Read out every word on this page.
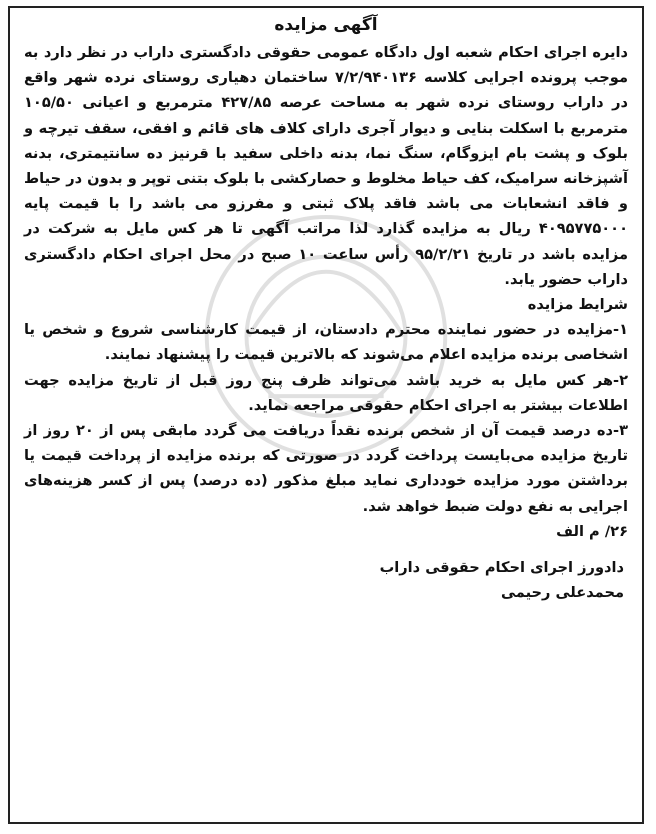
آگهی مزایده

دایره اجرای احکام شعبه اول دادگاه عمومی حقوقی دادگستری داراب در نظر دارد به موجب پرونده اجرایی کلاسه ۷/۲/۹۴۰۱۳۶ ساختمان دهیاری روستای نرده شهر واقع در داراب روستای نرده شهر به مساحت عرصه ۴۲۷/۸۵ مترمربع و اعیانی ۱۰۵/۵۰ مترمربع با اسکلت بنایی و دیوار آجری دارای کلاف های قائم و افقی، سقف تیرچه و بلوک و پشت بام ایزوگام، سنگ نما، بدنه داخلی سفید با قرنیز ده سانتیمتری، بدنه آشپزخانه سرامیک، کف حیاط مخلوط و حصارکشی با بلوک بتنی توپر و بدون در حیاط و فاقد انشعابات می باشد فاقد پلاک ثبتی و مفرزو می باشد را با قیمت پایه ۴۰۹۵۷۷۵۰۰۰ ریال به مزایده گذارد لذا مراتب آگهی تا هر کس مایل به شرکت در مزایده باشد در تاریخ ۹۵/۲/۲۱ رأس ساعت ۱۰ صبح در محل اجرای احکام دادگستری داراب حضور یابد.

شرایط مزایده

۱-مزایده در حضور نماینده محترم دادستان، از قیمت کارشناسی شروع و شخص یا اشخاصی برنده مزایده اعلام می‌شوند که بالاترین قیمت را پیشنهاد نمایند.

۲-هر کس مایل به خرید باشد می‌تواند ظرف پنج روز قبل از تاریخ مزایده جهت اطلاعات بیشتر به اجرای احکام حقوقی مراجعه نماید.

۳-ده درصد قیمت آن از شخص برنده نقداً دریافت می گردد مابقی پس از ۲۰ روز از تاریخ مزایده می‌بایست پرداخت گردد در صورتی که برنده مزایده از پرداخت قیمت یا برداشتن مورد مزایده خودداری نماید مبلغ مذکور (ده درصد) پس از کسر هزینه‌های اجرایی به نفع دولت ضبط خواهد شد.

۲۶/ م الف

دادورز اجرای احکام حقوقی داراب

محمدعلی رحیمی
